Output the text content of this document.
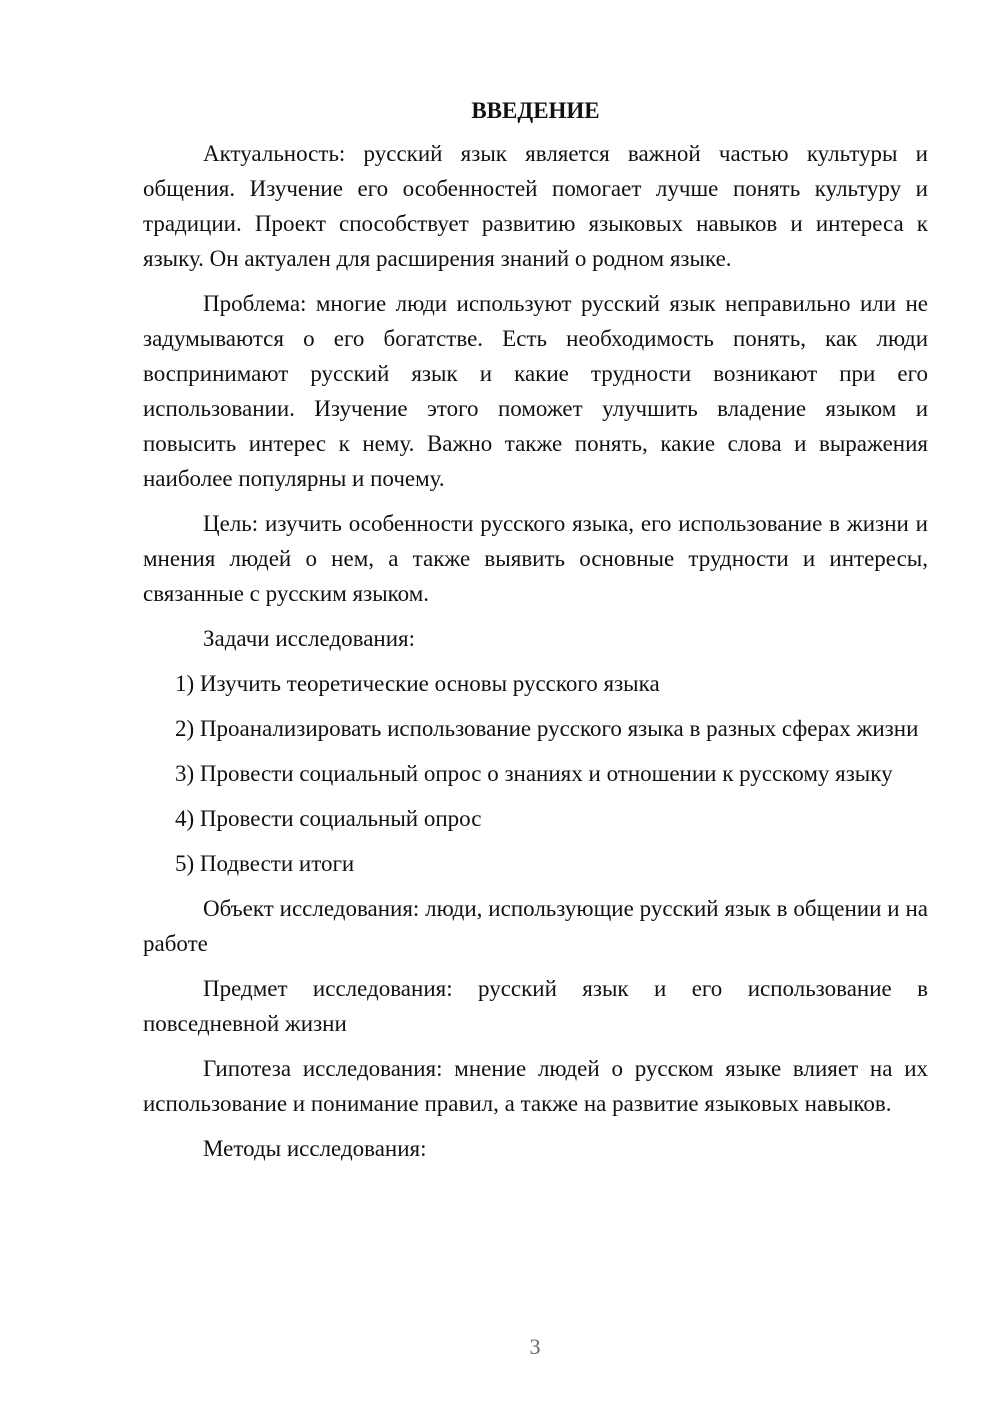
ВВЕДЕНИЕ

Актуальность: русский язык является важной частью культуры и общения. Изучение его особенностей помогает лучше понять культуру и традиции. Проект способствует развитию языковых навыков и интереса к языку. Он актуален для расширения знаний о родном языке.

Проблема: многие люди используют русский язык неправильно или не задумываются о его богатстве. Есть необходимость понять, как люди воспринимают русский язык и какие трудности возникают при его использовании. Изучение этого поможет улучшить владение языком и повысить интерес к нему. Важно также понять, какие слова и выражения наиболее популярны и почему.

Цель: изучить особенности русского языка, его использование в жизни и мнения людей о нем, а также выявить основные трудности и интересы, связанные с русским языком.

Задачи исследования:

1) Изучить теоретические основы русского языка

2) Проанализировать использование русского языка в разных сферах жизни

3) Провести социальный опрос о знаниях и отношении к русскому языку

4) Провести социальный опрос

5) Подвести итоги

Объект исследования: люди, использующие русский язык в общении и на работе

Предмет исследования: русский язык и его использование в повседневной жизни

Гипотеза исследования: мнение людей о русском языке влияет на их использование и понимание правил, а также на развитие языковых навыков.

Методы исследования:

3
